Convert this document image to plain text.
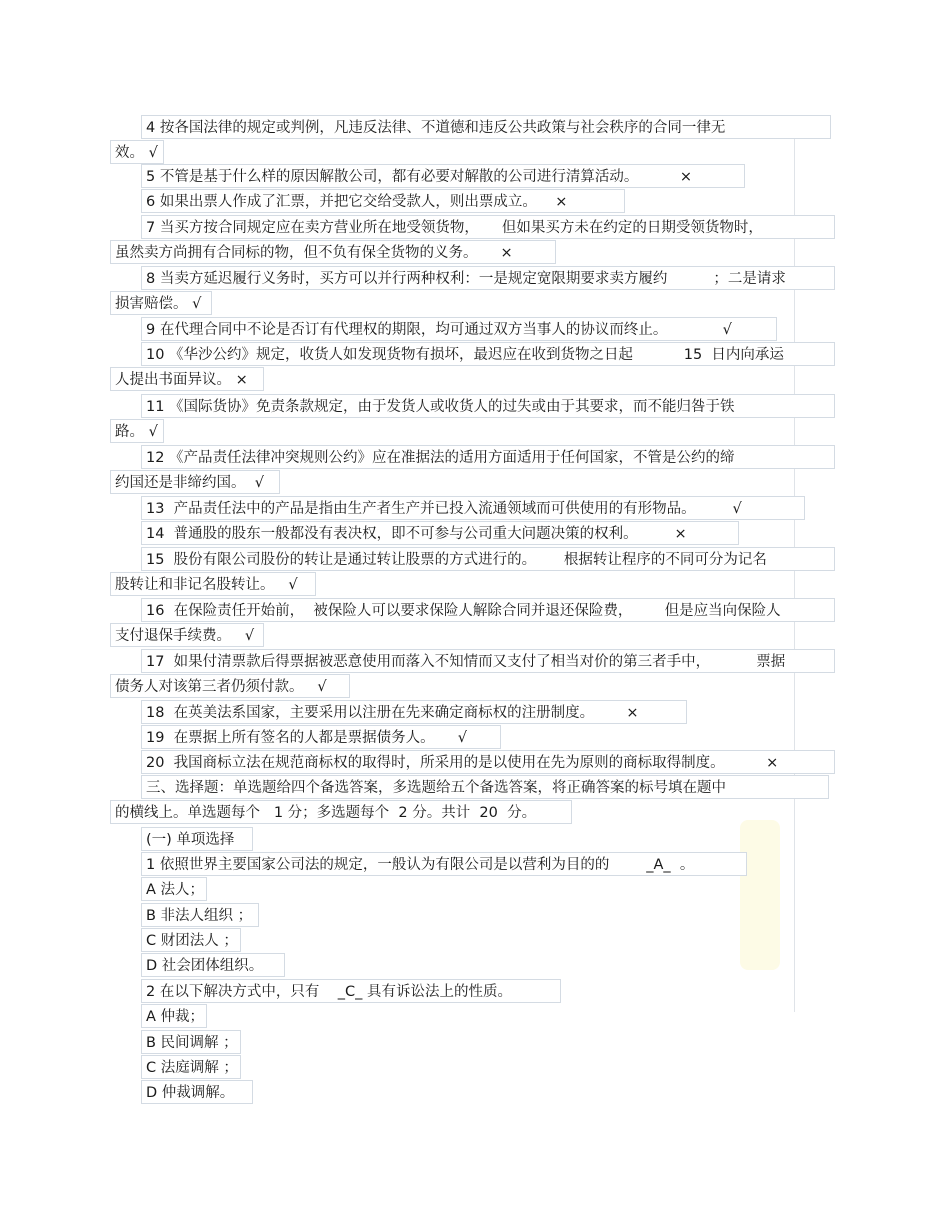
4 按各国法律的规定或判例，凡违反法律、不道德和违反公共政策与社会秩序的合同一律无
效。 √
5 不管是基于什么样的原因解散公司，都有必要对解散的公司进行清算活动。         ×
6 如果出票人作成了汇票，并把它交给受款人，则出票成立。    ×
7 当买方按合同规定应在卖方营业所在地受领货物，     但如果买方未在约定的日期受领货物时，
虽然卖方尚拥有合同标的物，但不负有保全货物的义务。     ×
8 当卖方延迟履行义务时，买方可以并行两种权利：一是规定宽限期要求卖方履约          ；二是请求
损害赔偿。 √
9 在代理合同中不论是否订有代理权的期限，均可通过双方当事人的协议而终止。            √
10 《华沙公约》规定，收货人如发现货物有损坏，最迟应在收到货物之日起           15  日内向承运
人提出书面异议。 ×
11 《国际货协》免责条款规定，由于发货人或收货人的过失或由于其要求，而不能归咎于铁
路。 √
12 《产品责任法律冲突规则公约》应在准据法的适用方面适用于任何国家，不管是公约的缔
约国还是非缔约国。  √
13  产品责任法中的产品是指由生产者生产并已投入流通领域而可供使用的有形物品。        √
14  普通股的股东一般都没有表决权，即不可参与公司重大问题决策的权利。        ×
15  股份有限公司股份的转让是通过转让股票的方式进行的。      根据转让程序的不同可分为记名
股转让和非记名股转让。   √
16  在保险责任开始前，  被保险人可以要求保险人解除合同并退还保险费，       但是应当向保险人
支付退保手续费。   √
17  如果付清票款后得票据被恶意使用而落入不知情而又支付了相当对价的第三者手中，          票据
债务人对该第三者仍须付款。   √
18  在英美法系国家，主要采用以注册在先来确定商标权的注册制度。       ×
19  在票据上所有签名的人都是票据债务人。     √
20  我国商标立法在规范商标权的取得时，所采用的是以使用在先为原则的商标取得制度。         ×
三、选择题：单选题给四个备选答案，多选题给五个备选答案，将正确答案的标号填在题中
的横线上。单选题每个   1 分；多选题每个  2 分。共计  20  分。
(一) 单项选择
1 依照世界主要国家公司法的规定，一般认为有限公司是以营利为目的的        _A_  。
A 法人；
B 非法人组织 ；
C 财团法人 ；
D 社会团体组织。
2 在以下解决方式中，只有    _C_ 具有诉讼法上的性质。
A 仲裁；
B 民间调解 ；
C 法庭调解 ；
D 仲裁调解。
